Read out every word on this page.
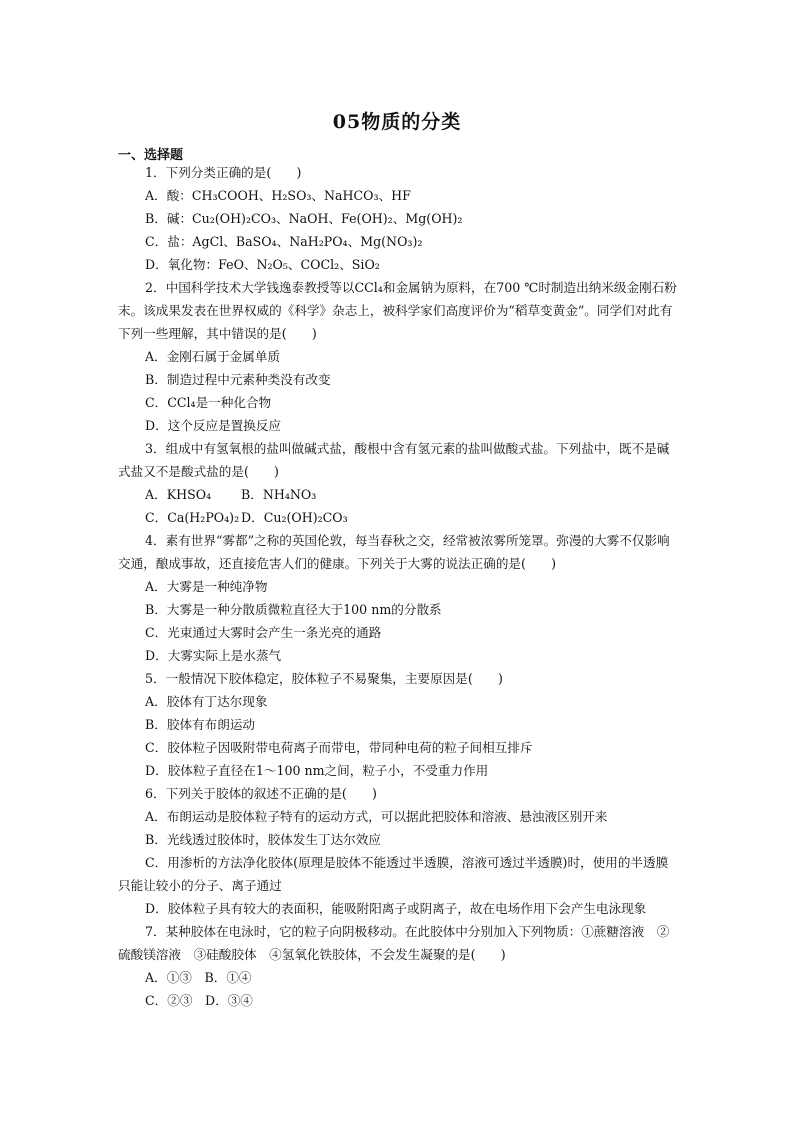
05物质的分类
一、选择题
1．下列分类正确的是(　　)
A．酸：CH₃COOH、H₂SO₃、NaHCO₃、HF
B．碱：Cu₂(OH)₂CO₃、NaOH、Fe(OH)₂、Mg(OH)₂
C．盐：AgCl、BaSO₄、NaH₂PO₄、Mg(NO₃)₂
D．氧化物：FeO、N₂O₅、COCl₂、SiO₂
2．中国科学技术大学钱逸泰教授等以CCl₄和金属钠为原料，在700 ℃时制造出纳米级金刚石粉末。该成果发表在世界权威的《科学》杂志上，被科学家们高度评价为“稻草变黄金”。同学们对此有下列一些理解，其中错误的是(　　)
A．金刚石属于金属单质
B．制造过程中元素种类没有改变
C．CCl₄是一种化合物
D．这个反应是置换反应
3．组成中有氢氧根的盐叫做碱式盐，酸根中含有氢元素的盐叫做酸式盐。下列盐中，既不是碱式盐又不是酸式盐的是(　　)
A．KHSO₄ B．NH₄NO₃
C．Ca(H₂PO₄)₂ D．Cu₂(OH)₂CO₃
4．素有世界“雾都”之称的英国伦敦，每当春秋之交，经常被浓雾所笼罩。弥漫的大雾不仅影响交通，酿成事故，还直接危害人们的健康。下列关于大雾的说法正确的是(　　)
A．大雾是一种纯净物
B．大雾是一种分散质微粒直径大于100 nm的分散系
C．光束通过大雾时会产生一条光亮的通路
D．大雾实际上是水蒸气
5．一般情况下胶体稳定，胶体粒子不易聚集，主要原因是(　　)
A．胶体有丁达尔现象
B．胶体有布朗运动
C．胶体粒子因吸附带电荷离子而带电，带同种电荷的粒子间相互排斥
D．胶体粒子直径在1～100 nm之间，粒子小，不受重力作用
6．下列关于胶体的叙述不正确的是(　　)
A．布朗运动是胶体粒子特有的运动方式，可以据此把胶体和溶液、悬浊液区别开来
B．光线透过胶体时，胶体发生丁达尔效应
C．用渗析的方法净化胶体(原理是胶体不能透过半透膜，溶液可透过半透膜)时，使用的半透膜只能让较小的分子、离子通过
D．胶体粒子具有较大的表面积，能吸附阳离子或阴离子，故在电场作用下会产生电泳现象
7．某种胶体在电泳时，它的粒子向阴极移动。在此胶体中分别加入下列物质：①蔗糖溶液　②硫酸镁溶液　③硅酸胶体　④氢氧化铁胶体，不会发生凝聚的是(　　)
A．①③　 B．①④
C．②③　 D．③④
